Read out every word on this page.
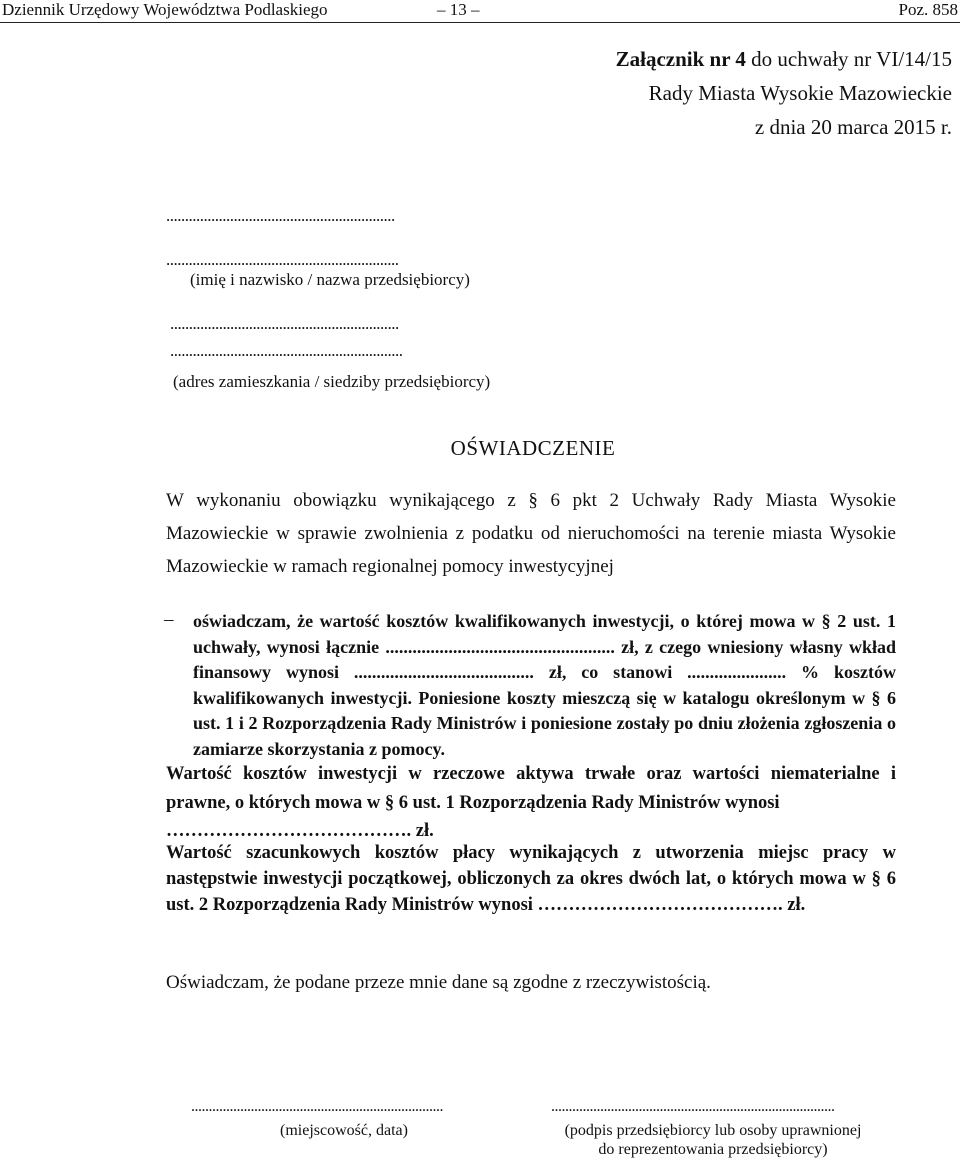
Dziennik Urzędowy Województwa Podlaskiego	– 13 –	Poz. 858
Załącznik nr 4 do uchwały nr VI/14/15
Rady Miasta Wysokie Mazowieckie
z dnia 20 marca 2015 r.
.............................................................
..............................................................
(imię i nazwisko / nazwa przedsiębiorcy)
.............................................................
..............................................................
(adres zamieszkania / siedziby przedsiębiorcy)
OŚWIADCZENIE
W wykonaniu obowiązku wynikającego z § 6 pkt 2 Uchwały Rady Miasta Wysokie Mazowieckie w sprawie zwolnienia z podatku od nieruchomości na terenie miasta Wysokie Mazowieckie w ramach regionalnej pomocy inwestycyjnej
– oświadczam, że wartość kosztów kwalifikowanych inwestycji, o której mowa w § 2 ust. 1 uchwały, wynosi łącznie ................................................... zł, z czego wniesiony własny wkład finansowy wynosi ........................................ zł, co stanowi ...................... % kosztów kwalifikowanych inwestycji. Poniesione koszty mieszczą się w katalogu określonym w § 6 ust. 1 i 2 Rozporządzenia Rady Ministrów i poniesione zostały po dniu złożenia zgłoszenia o zamiarze skorzystania z pomocy.
Wartość kosztów inwestycji w rzeczowe aktywa trwałe oraz wartości niematerialne i prawne, o których mowa w § 6 ust. 1 Rozporządzenia Rady Ministrów wynosi
…………………………………. zł.
Wartość szacunkowych kosztów płacy wynikających z utworzenia miejsc pracy w następstwie inwestycji początkowej, obliczonych za okres dwóch lat, o których mowa w § 6 ust. 2 Rozporządzenia Rady Ministrów wynosi …………………………………. zł.
Oświadczam, że podane przeze mnie dane są zgodne z rzeczywistością.
........................................................................
(miejscowość, data)
.................................................................................
(podpis przedsiębiorcy lub osoby uprawnionej
do reprezentowania przedsiębiorcy)
